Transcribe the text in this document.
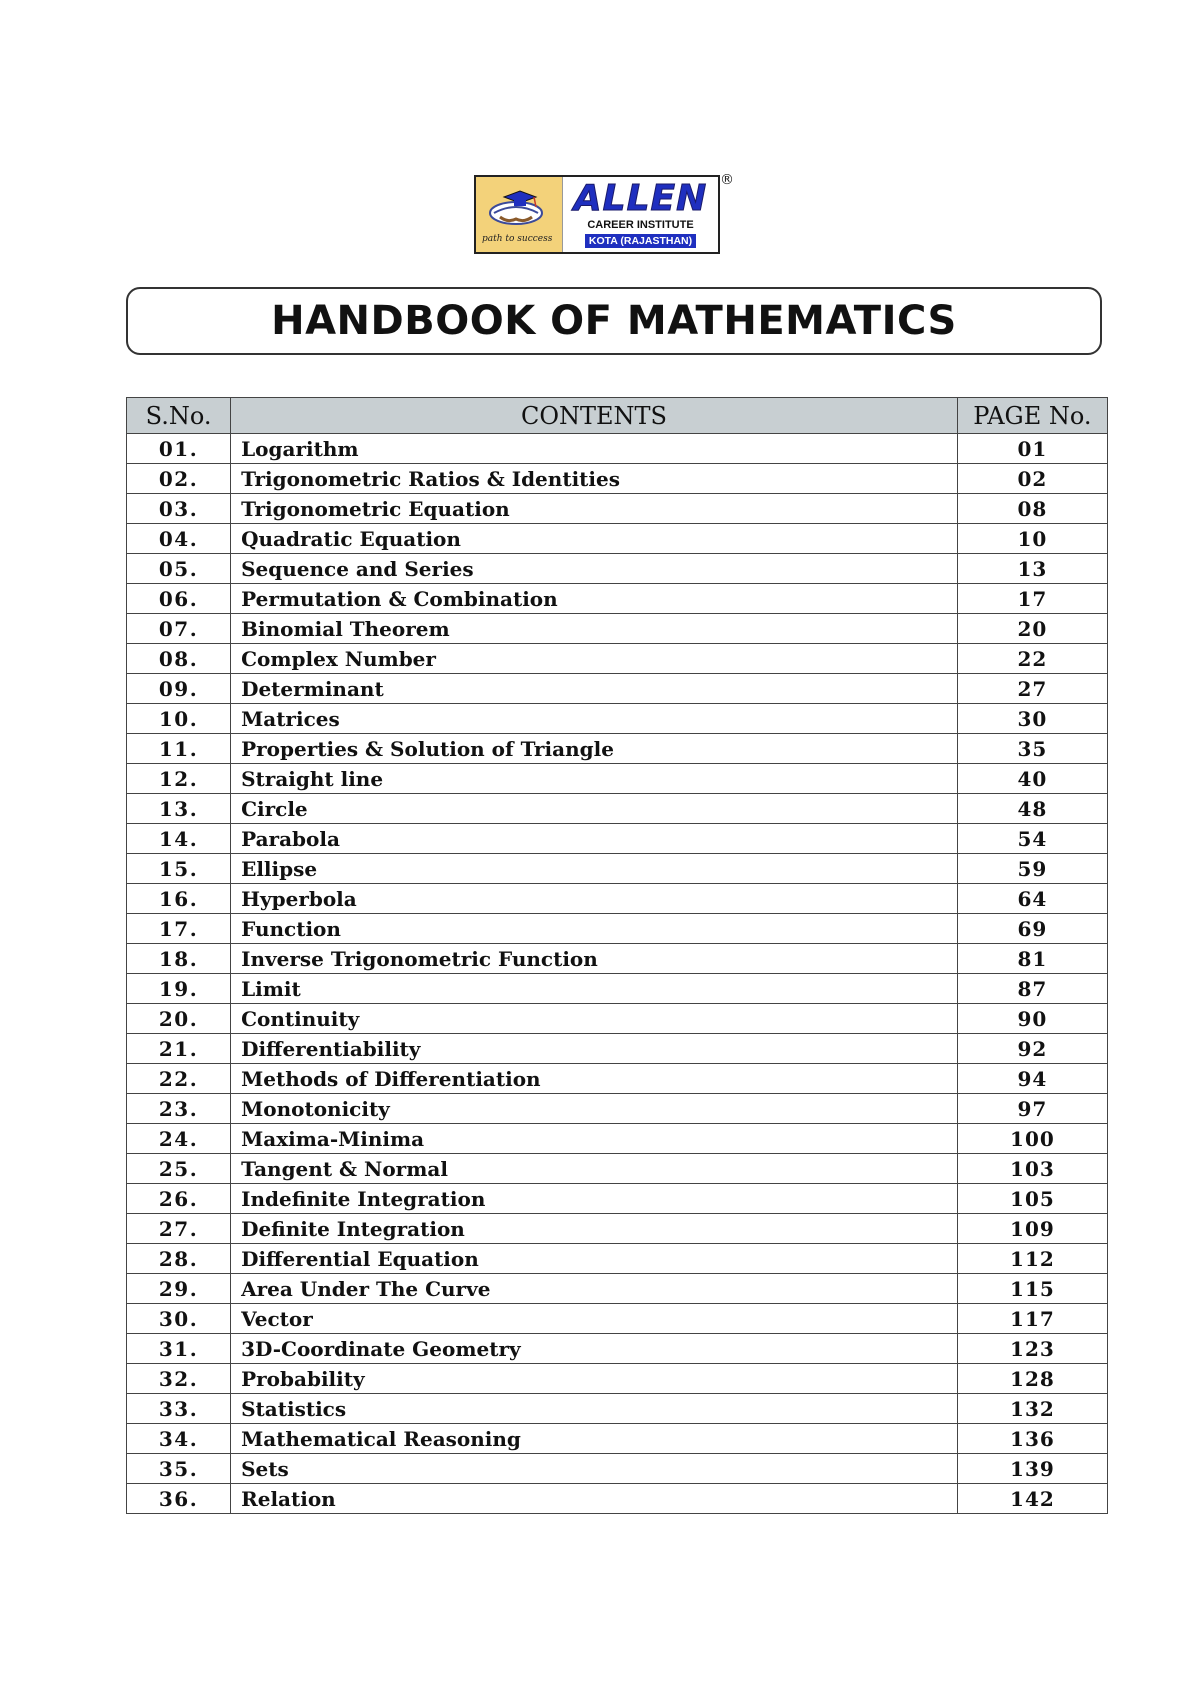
path to success
ALLEN
CAREER INSTITUTE
KOTA (RAJASTHAN)
®
HANDBOOK OF MATHEMATICS
S.No.	CONTENTS	PAGE No.
01.	Logarithm	01
02.	Trigonometric Ratios & Identities	02
03.	Trigonometric Equation	08
04.	Quadratic Equation	10
05.	Sequence and Series	13
06.	Permutation & Combination	17
07.	Binomial Theorem	20
08.	Complex Number	22
09.	Determinant	27
10.	Matrices	30
11.	Properties & Solution of Triangle	35
12.	Straight line	40
13.	Circle	48
14.	Parabola	54
15.	Ellipse	59
16.	Hyperbola	64
17.	Function	69
18.	Inverse Trigonometric Function	81
19.	Limit	87
20.	Continuity	90
21.	Differentiability	92
22.	Methods of Differentiation	94
23.	Monotonicity	97
24.	Maxima-Minima	100
25.	Tangent & Normal	103
26.	Indefinite Integration	105
27.	Definite Integration	109
28.	Differential Equation	112
29.	Area Under The Curve	115
30.	Vector	117
31.	3D-Coordinate Geometry	123
32.	Probability	128
33.	Statistics	132
34.	Mathematical Reasoning	136
35.	Sets	139
36.	Relation	142
